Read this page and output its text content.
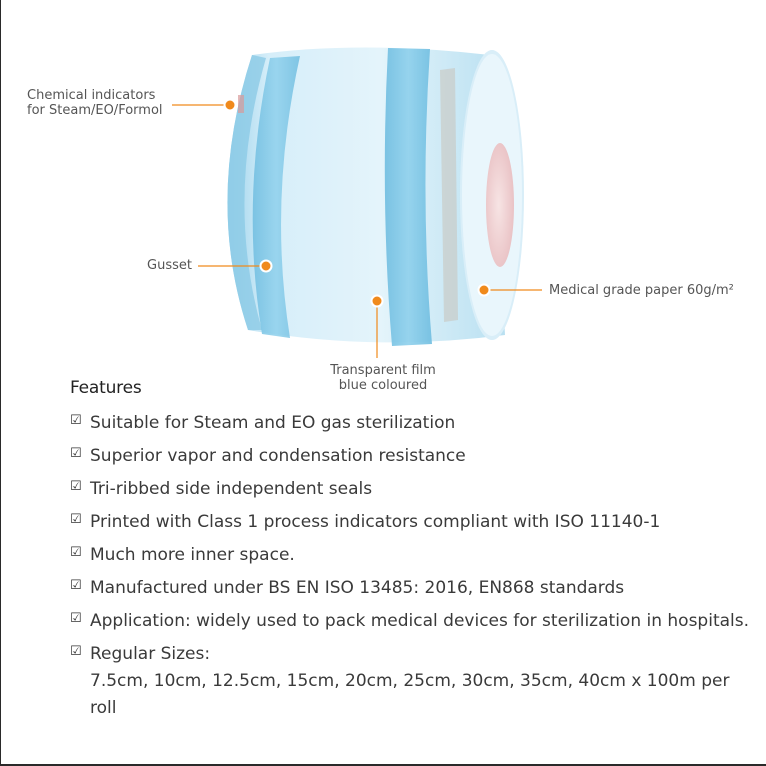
Chemical indicators
for Steam/EO/Formol
Gusset
Medical grade paper 60g/m²
Transparent film
blue coloured
Features
☑ Suitable for Steam and EO gas sterilization
☑ Superior vapor and condensation resistance
☑ Tri-ribbed side independent seals
☑ Printed with Class 1 process indicators compliant with ISO 11140-1
☑ Much more inner space.
☑ Manufactured under BS EN ISO 13485: 2016, EN868 standards
☑ Application: widely used to pack medical devices for sterilization in hospitals.
☑ Regular Sizes:
7.5cm, 10cm, 12.5cm, 15cm, 20cm, 25cm, 30cm, 35cm, 40cm x 100m per roll
